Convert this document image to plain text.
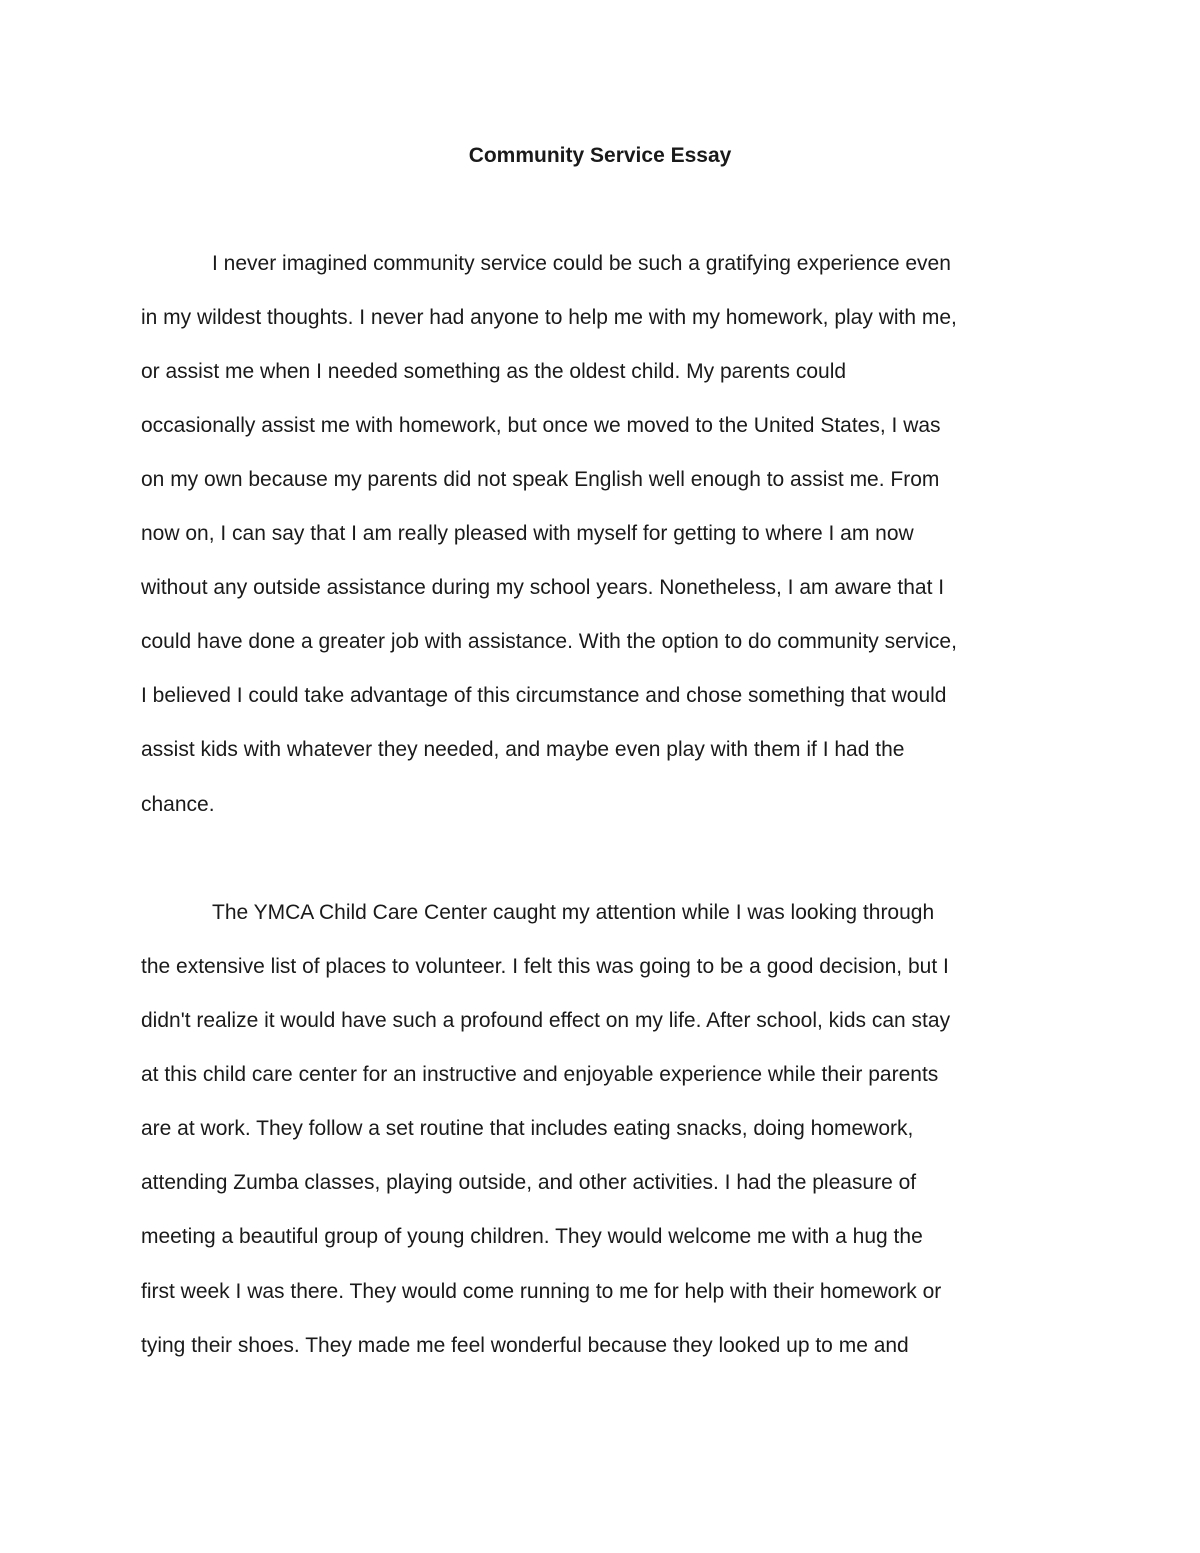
Community Service Essay
I never imagined community service could be such a gratifying experience even
in my wildest thoughts. I never had anyone to help me with my homework, play with me,
or assist me when I needed something as the oldest child. My parents could
occasionally assist me with homework, but once we moved to the United States, I was
on my own because my parents did not speak English well enough to assist me. From
now on, I can say that I am really pleased with myself for getting to where I am now
without any outside assistance during my school years. Nonetheless, I am aware that I
could have done a greater job with assistance. With the option to do community service,
I believed I could take advantage of this circumstance and chose something that would
assist kids with whatever they needed, and maybe even play with them if I had the
chance.
The YMCA Child Care Center caught my attention while I was looking through
the extensive list of places to volunteer. I felt this was going to be a good decision, but I
didn't realize it would have such a profound effect on my life. After school, kids can stay
at this child care center for an instructive and enjoyable experience while their parents
are at work. They follow a set routine that includes eating snacks, doing homework,
attending Zumba classes, playing outside, and other activities. I had the pleasure of
meeting a beautiful group of young children. They would welcome me with a hug the
first week I was there. They would come running to me for help with their homework or
tying their shoes. They made me feel wonderful because they looked up to me and
